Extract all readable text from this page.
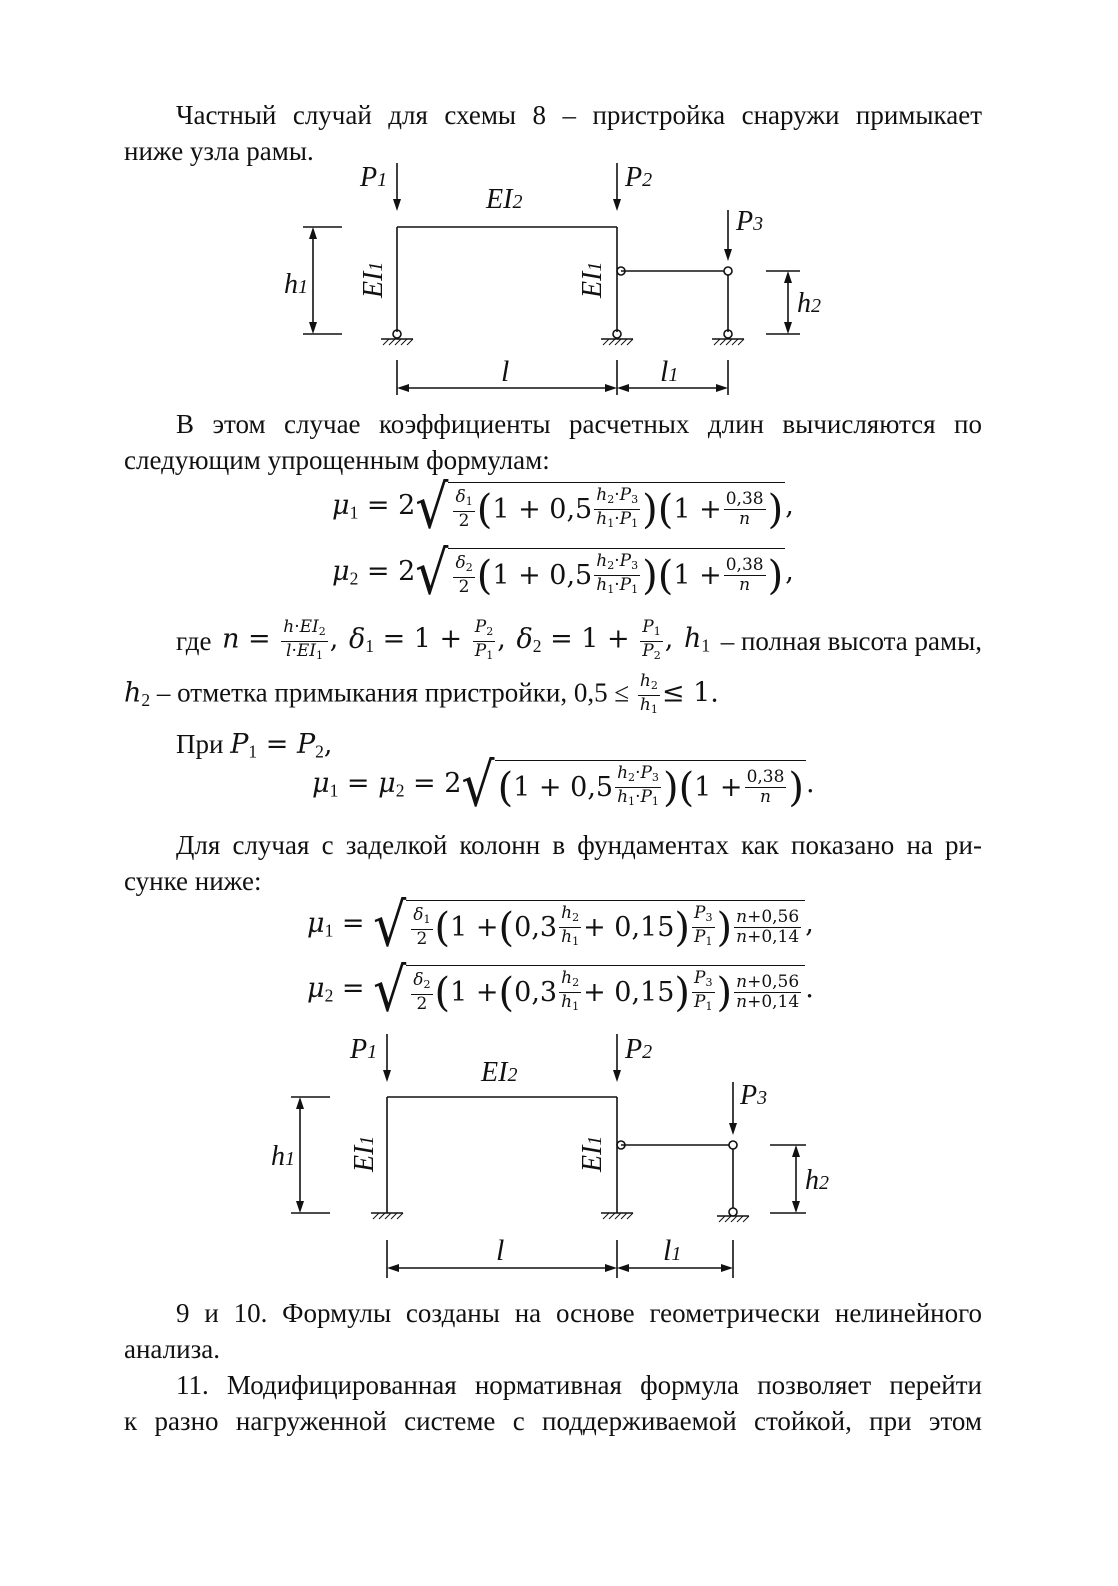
Частный случай для схемы 8 – пристройка снаружи примыкает
ниже узла рамы.
P1	P2
P3
EI2
EI1
EI1
h1
h2
l	l1
В этом случае коэффициенты расчетных длин вычисляются по
следующим упрощенным формулам:
$\mu_1 = 2$ √ $\frac{\delta_1}{2}$ ( $1 + 0,5 \frac{h_2\cdot P_3}{h_1\cdot P_1}$ ) ( $1 + \frac{0,38}{n}$ ) ,
$\mu_2 = 2$ √ $\frac{\delta_2}{2}$ ( $1 + 0,5 \frac{h_2\cdot P_3}{h_1\cdot P_1}$ ) ( $1 + \frac{0,38}{n}$ ) ,
где $n = \frac{h\cdot EI_2}{l\cdot EI_1}$ , $\delta_1 = 1 + \frac{P_2}{P_1}$ , $\delta_2 = 1 + \frac{P_1}{P_2}$ , $h_1$ – полная высота рамы,
$h_2$ – отметка примыкания пристройки, $0,5 \le \frac{h_2}{h_1} \le 1$.
При $P_1 = P_2$,
$\mu_1 = \mu_2 = 2$ √ ( $1 + 0,5 \frac{h_2\cdot P_3}{h_1\cdot P_1}$ ) ( $1 + \frac{0,38}{n}$ ) .
Для случая с заделкой колонн в фундаментах как показано на ри-
сунке ниже:
$\mu_1$ = √ $\frac{\delta_1}{2}$ ( 1 + ( $0,3 \frac{h_2}{h_1} + 0,15$ ) $\frac{P_3}{P_1}$ ) $\frac{n+0,56}{n+0,14}$ ,
$\mu_2$ = √ $\frac{\delta_2}{2}$ ( 1 + ( $0,3 \frac{h_2}{h_1} + 0,15$ ) $\frac{P_3}{P_1}$ ) $\frac{n+0,56}{n+0,14}$ .
P1	P2
P3
EI2
EI1
EI1
h1
h2
l	l1
9 и 10. Формулы созданы на основе геометрически нелинейного
анализа.
11. Модифицированная нормативная формула позволяет перейти
к разно нагруженной системе с поддерживаемой стойкой, при этом
